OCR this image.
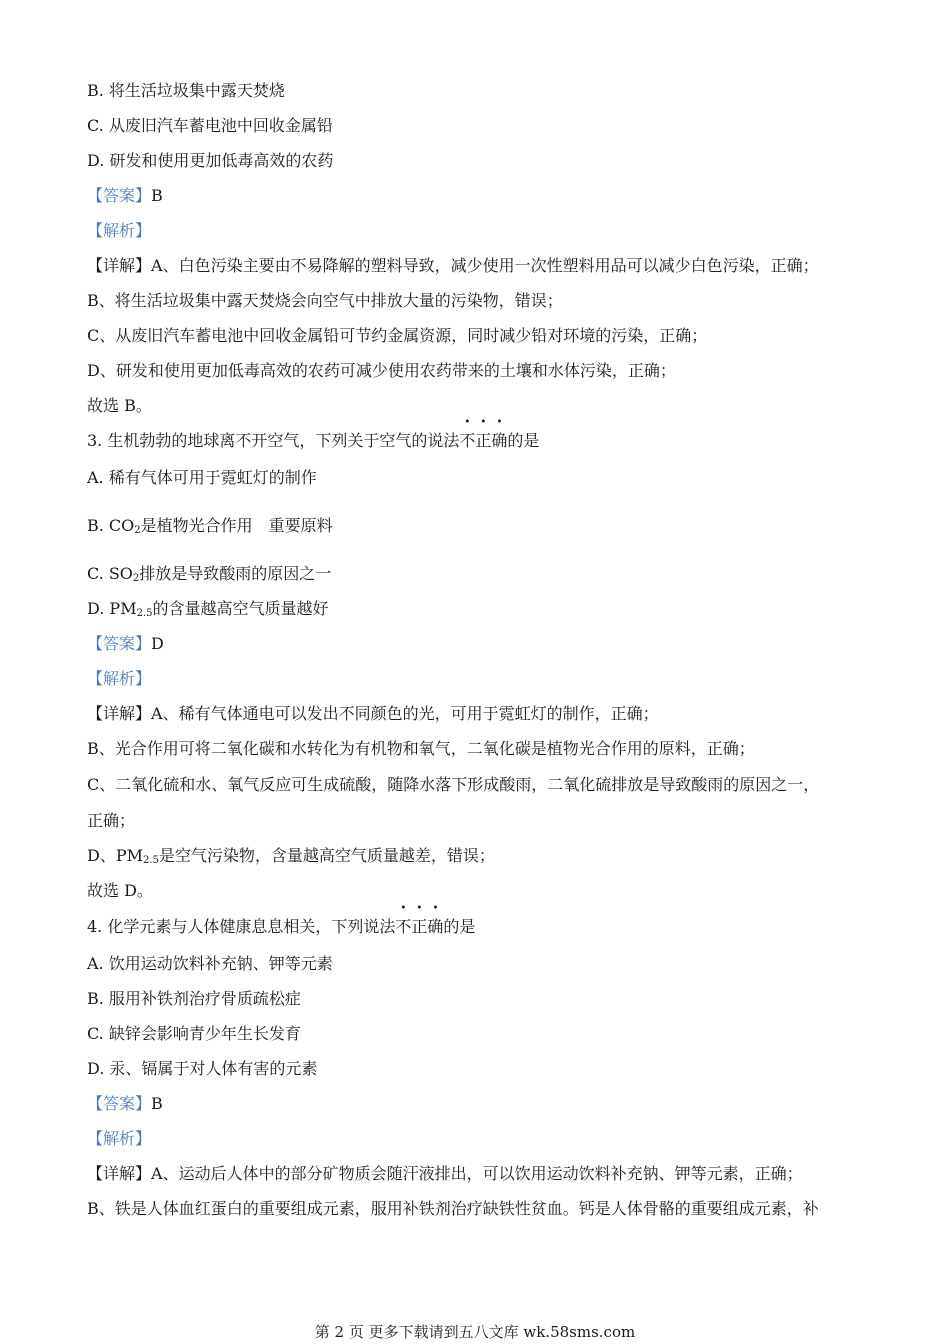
B. 将生活垃圾集中露天焚烧
C. 从废旧汽车蓄电池中回收金属铅
D. 研发和使用更加低毒高效的农药
【答案】B
【解析】
【详解】A、白色污染主要由不易降解的塑料导致，减少使用一次性塑料用品可以减少白色污染，正确；
B、将生活垃圾集中露天焚烧会向空气中排放大量的污染物，错误；
C、从废旧汽车蓄电池中回收金属铅可节约金属资源，同时减少铅对环境的污染，正确；
D、研发和使用更加低毒高效的农药可减少使用农药带来的土壤和水体污染，正确；
故选 B。
3. 生机勃勃的地球离不开空气，下列关于空气的说法不正确的是
A. 稀有气体可用于霓虹灯的制作
B. $CO_2$是植物光合作用　重要原料
C. $SO_2$排放是导致酸雨的原因之一
D. $PM_{2.5}$的含量越高空气质量越好
【答案】D
【解析】
【详解】A、稀有气体通电可以发出不同颜色的光，可用于霓虹灯的制作，正确；
B、光合作用可将二氧化碳和水转化为有机物和氧气，二氧化碳是植物光合作用的原料，正确；
C、二氧化硫和水、氧气反应可生成硫酸，随降水落下形成酸雨，二氧化硫排放是导致酸雨的原因之一，
正确；
D、$PM_{2.5}$是空气污染物，含量越高空气质量越差，错误；
故选 D。
4. 化学元素与人体健康息息相关，下列说法不正确的是
A. 饮用运动饮料补充钠、钾等元素
B. 服用补铁剂治疗骨质疏松症
C. 缺锌会影响青少年生长发育
D. 汞、镉属于对人体有害的元素
【答案】B
【解析】
【详解】A、运动后人体中的部分矿物质会随汗液排出，可以饮用运动饮料补充钠、钾等元素，正确；
B、铁是人体血红蛋白的重要组成元素，服用补铁剂治疗缺铁性贫血。钙是人体骨骼的重要组成元素，补
第 2 页 更多下载请到五八文库 wk.58sms.com
